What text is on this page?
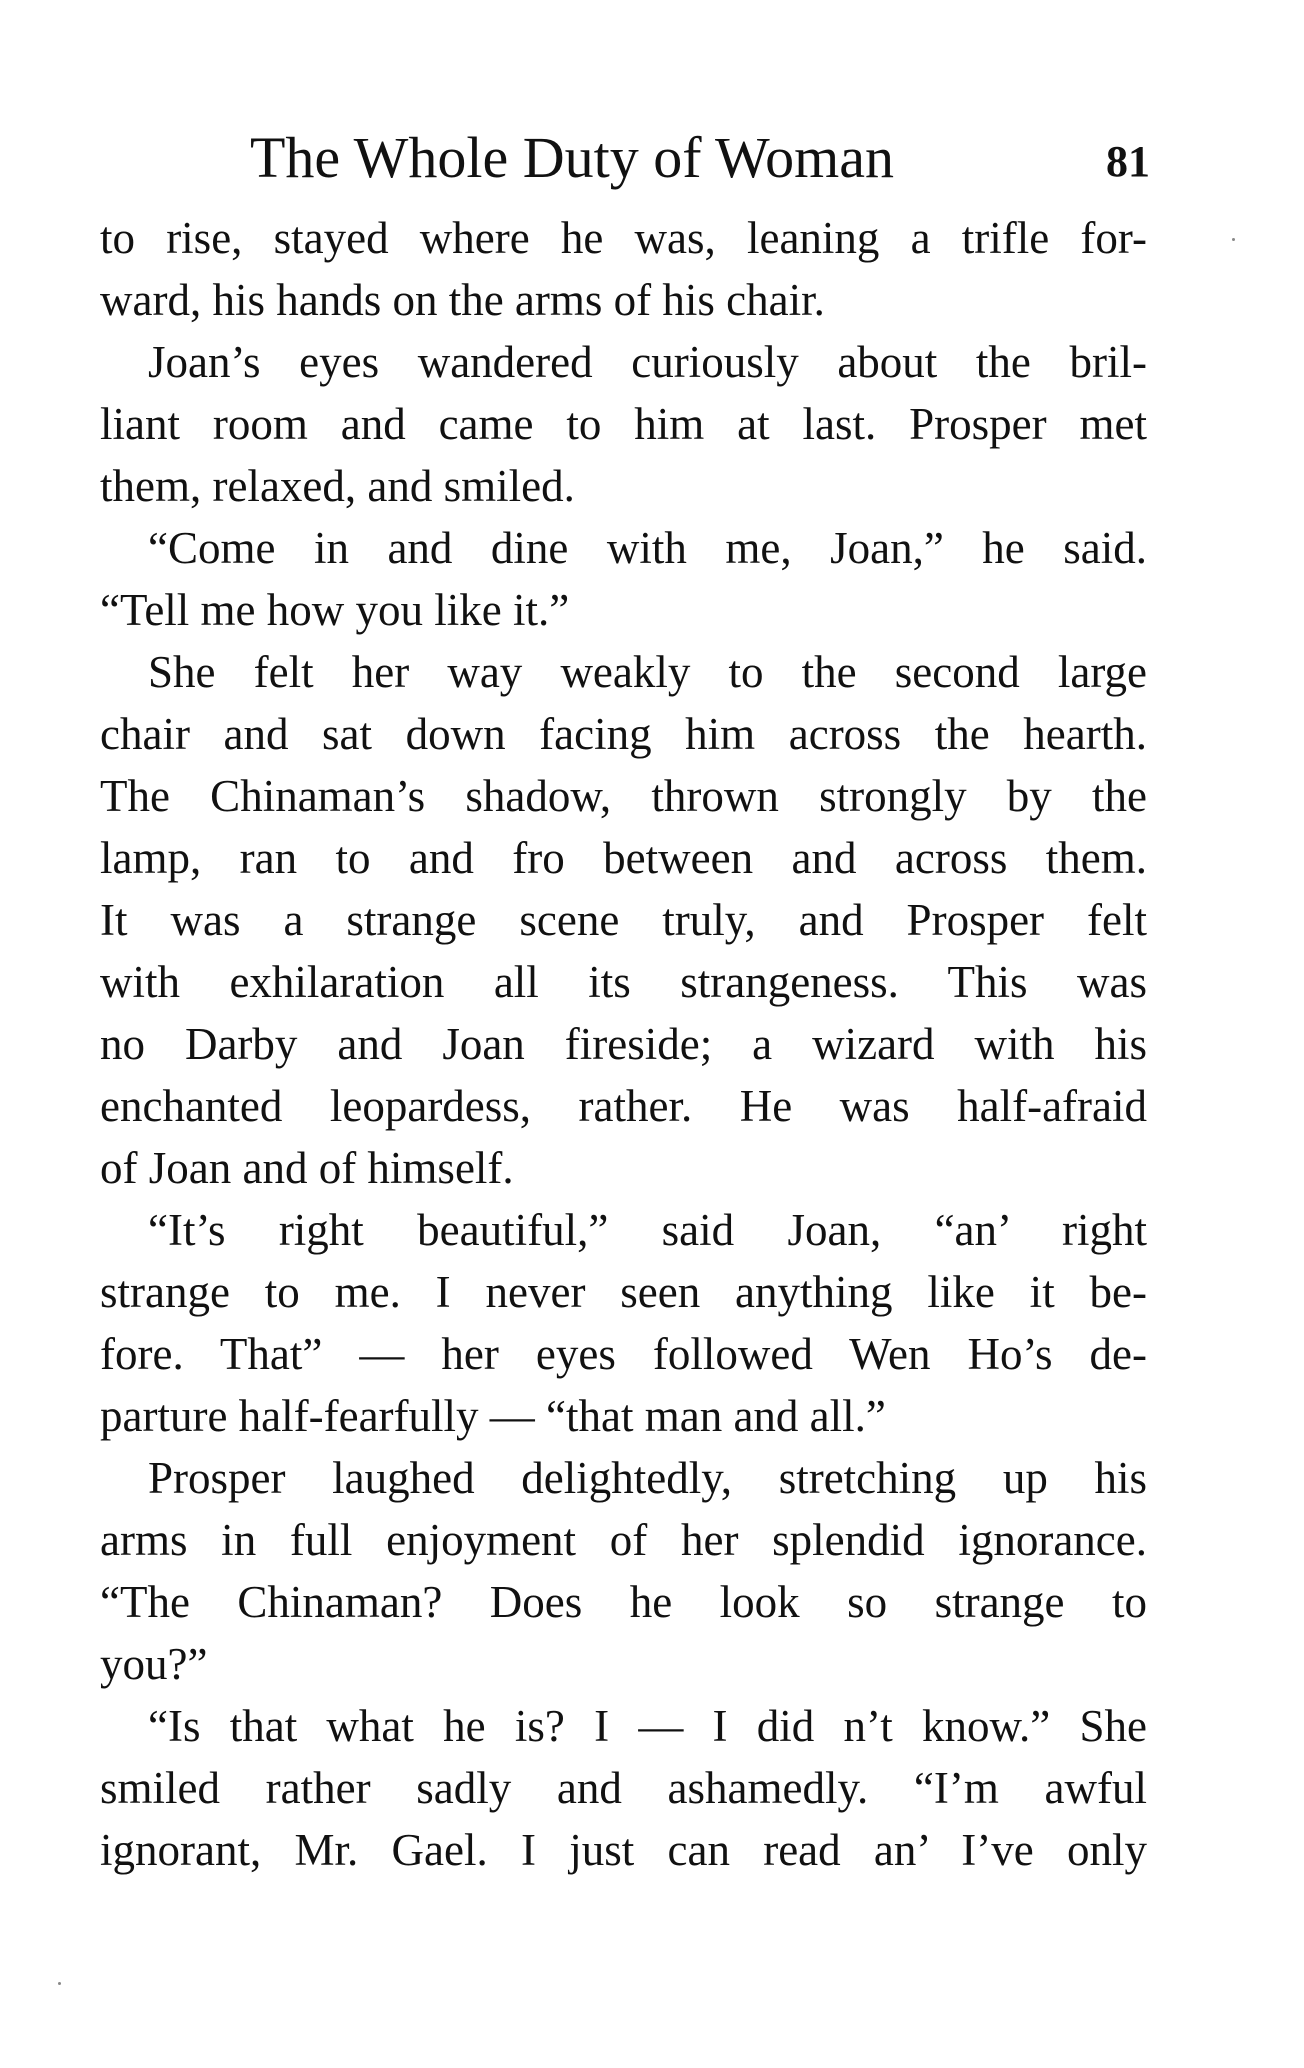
The Whole Duty of Woman	81
to rise, stayed where he was, leaning a trifle for-
ward, his hands on the arms of his chair.
Joan’s eyes wandered curiously about the bril-
liant room and came to him at last. Prosper met
them, relaxed, and smiled.
“Come in and dine with me, Joan,” he said.
“Tell me how you like it.”
She felt her way weakly to the second large
chair and sat down facing him across the hearth.
The Chinaman’s shadow, thrown strongly by the
lamp, ran to and fro between and across them.
It was a strange scene truly, and Prosper felt
with exhilaration all its strangeness. This was
no Darby and Joan fireside; a wizard with his
enchanted leopardess, rather. He was half-afraid
of Joan and of himself.
“It’s right beautiful,” said Joan, “an’ right
strange to me. I never seen anything like it be-
fore. That” — her eyes followed Wen Ho’s de-
parture half-fearfully — “that man and all.”
Prosper laughed delightedly, stretching up his
arms in full enjoyment of her splendid ignorance.
“The Chinaman? Does he look so strange to
you?”
“Is that what he is? I — I did n’t know.” She
smiled rather sadly and ashamedly. “I’m awful
ignorant, Mr. Gael. I just can read an’ I’ve only
